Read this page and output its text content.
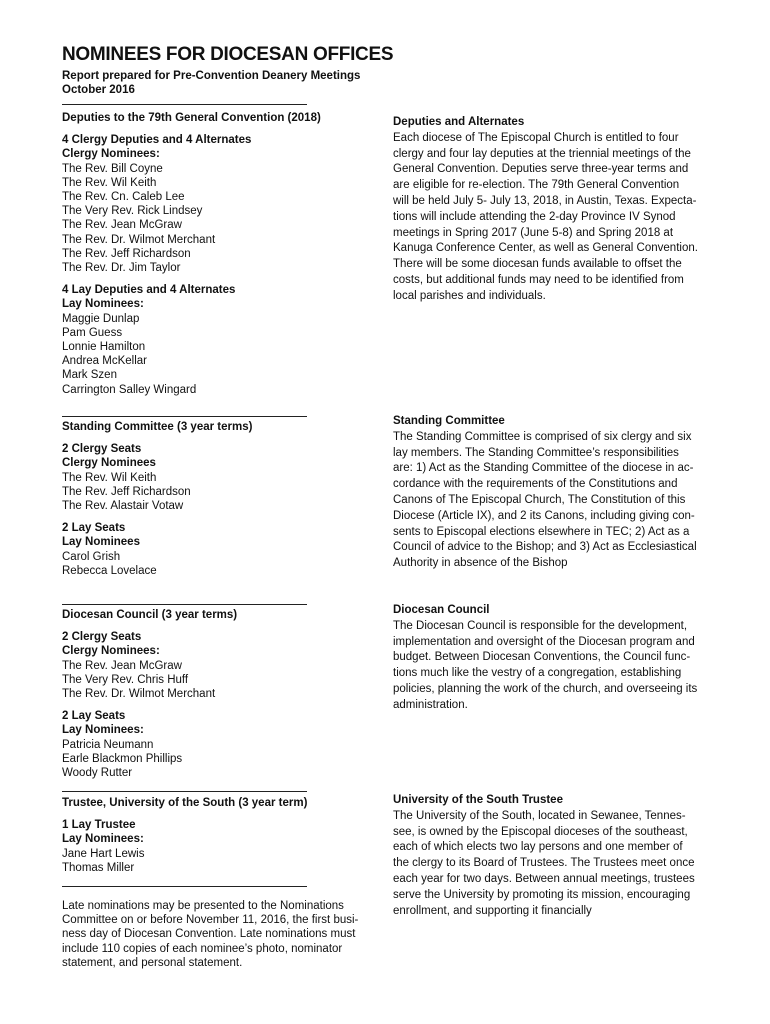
NOMINEES FOR DIOCESAN OFFICES
Report prepared for Pre-Convention Deanery Meetings
October 2016
Deputies to the 79th General Convention (2018)
4 Clergy Deputies and 4 Alternates
Clergy Nominees:
The Rev. Bill Coyne
The Rev. Wil Keith
The Rev. Cn. Caleb Lee
The Very Rev. Rick Lindsey
The Rev. Jean McGraw
The Rev. Dr. Wilmot Merchant
The Rev. Jeff Richardson
The Rev. Dr. Jim Taylor
4 Lay Deputies and 4 Alternates
Lay Nominees:
Maggie Dunlap
Pam Guess
Lonnie Hamilton
Andrea McKellar
Mark Szen
Carrington Salley Wingard
Deputies and Alternates
Each diocese of The Episcopal Church is entitled to four
clergy and four lay deputies at the triennial meetings of the
General Convention. Deputies serve three-year terms and
are eligible for re-election. The 79th General Convention
will be held July 5- July 13, 2018, in Austin, Texas. Expecta-
tions will include attending the 2-day Province IV Synod
meetings in Spring 2017 (June 5-8) and Spring 2018 at
Kanuga Conference Center, as well as General Convention.
There will be some diocesan funds available to offset the
costs, but additional funds may need to be identified from
local parishes and individuals.
Standing Committee (3 year terms)
2 Clergy Seats
Clergy Nominees
The Rev. Wil Keith
The Rev. Jeff Richardson
The Rev. Alastair Votaw
2 Lay Seats
Lay Nominees
Carol Grish
Rebecca Lovelace
Standing Committee
The Standing Committee is comprised of six clergy and six
lay members. The Standing Committee’s responsibilities
are: 1) Act as the Standing Committee of the diocese in ac-
cordance with the requirements of the Constitutions and
Canons of The Episcopal Church, The Constitution of this
Diocese (Article IX), and 2 its Canons, including giving con-
sents to Episcopal elections elsewhere in TEC; 2) Act as a
Council of advice to the Bishop; and 3) Act as Ecclesiastical
Authority in absence of the Bishop
Diocesan Council (3 year terms)
2 Clergy Seats
Clergy Nominees:
The Rev. Jean McGraw
The Very Rev. Chris Huff
The Rev. Dr. Wilmot Merchant
2 Lay Seats
Lay Nominees:
Patricia Neumann
Earle Blackmon Phillips
Woody Rutter
Diocesan Council
The Diocesan Council is responsible for the development,
implementation and oversight of the Diocesan program and
budget. Between Diocesan Conventions, the Council func-
tions much like the vestry of a congregation, establishing
policies, planning the work of the church, and overseeing its
administration.
Trustee, University of the South (3 year term)
1 Lay Trustee
Lay Nominees:
Jane Hart Lewis
Thomas Miller
University of the South Trustee
The University of the South, located in Sewanee, Tennes-
see, is owned by the Episcopal dioceses of the southeast,
each of which elects two lay persons and one member of
the clergy to its Board of Trustees. The Trustees meet once
each year for two days. Between annual meetings, trustees
serve the University by promoting its mission, encouraging
enrollment, and supporting it financially
Late nominations may be presented to the Nominations
Committee on or before November 11, 2016, the first busi-
ness day of Diocesan Convention. Late nominations must
include 110 copies of each nominee’s photo, nominator
statement, and personal statement.
